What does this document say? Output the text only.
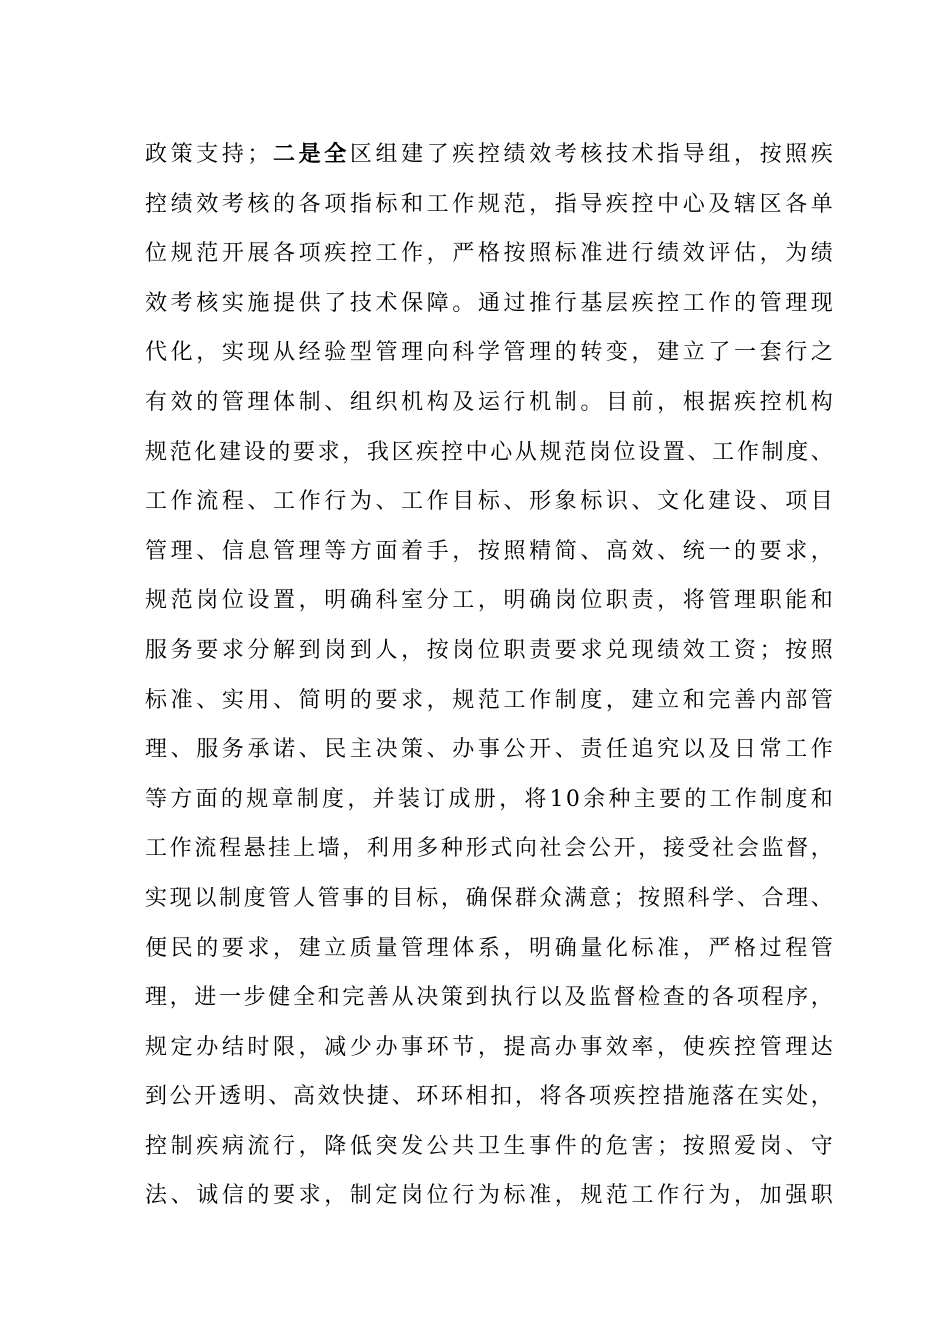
政策支持；二是全区组建了疾控绩效考核技术指导组，按照疾
控绩效考核的各项指标和工作规范，指导疾控中心及辖区各单
位规范开展各项疾控工作，严格按照标准进行绩效评估，为绩
效考核实施提供了技术保障。通过推行基层疾控工作的管理现
代化，实现从经验型管理向科学管理的转变，建立了一套行之
有效的管理体制、组织机构及运行机制。目前，根据疾控机构
规范化建设的要求，我区疾控中心从规范岗位设置、工作制度、
工作流程、工作行为、工作目标、形象标识、文化建设、项目
管理、信息管理等方面着手，按照精简、高效、统一的要求，
规范岗位设置，明确科室分工，明确岗位职责，将管理职能和
服务要求分解到岗到人，按岗位职责要求兑现绩效工资；按照
标准、实用、简明的要求，规范工作制度，建立和完善内部管
理、服务承诺、民主决策、办事公开、责任追究以及日常工作
等方面的规章制度，并装订成册，将10余种主要的工作制度和
工作流程悬挂上墙，利用多种形式向社会公开，接受社会监督，
实现以制度管人管事的目标，确保群众满意；按照科学、合理、
便民的要求，建立质量管理体系，明确量化标准，严格过程管
理，进一步健全和完善从决策到执行以及监督检查的各项程序，
规定办结时限，减少办事环节，提高办事效率，使疾控管理达
到公开透明、高效快捷、环环相扣，将各项疾控措施落在实处，
控制疾病流行，降低突发公共卫生事件的危害；按照爱岗、守
法、诚信的要求，制定岗位行为标准，规范工作行为，加强职
